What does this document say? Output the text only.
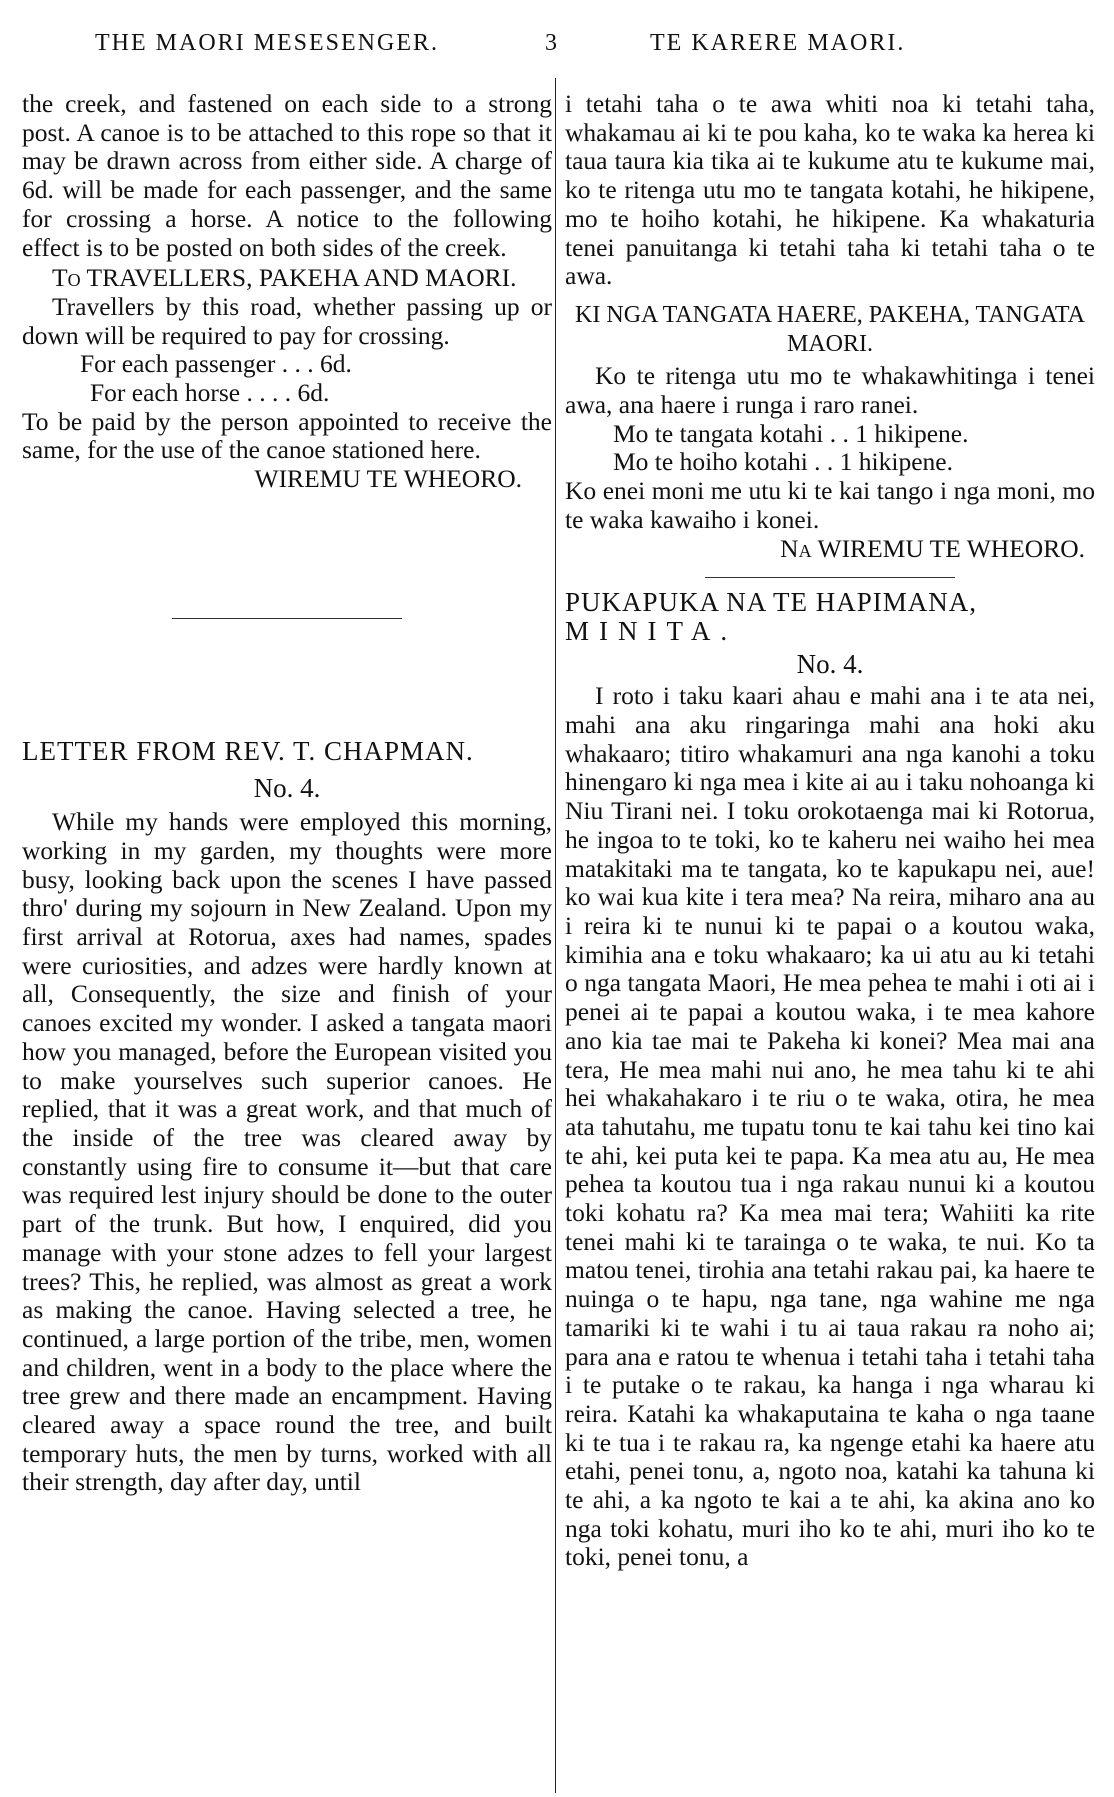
THE MAORI MESESENGER.	3	TE KARERE MAORI.

the creek, and fastened on each side to a strong post. A canoe is to be attached to this rope so that it may be drawn across from either side. A charge of 6d. will be made for each passenger, and the same for crossing a horse. A notice to the following effect is to be posted on both sides of the creek.

To TRAVELLERS, PAKEHA AND MAORI.

Travellers by this road, whether passing up or down will be required to pay for crossing.

For each passenger . . . 6d.

For each horse . . . . 6d.

To be paid by the person appointed to receive the same, for the use of the canoe stationed here.

WIREMU TE WHEORO.

LETTER FROM REV. T. CHAPMAN.

No. 4.

While my hands were employed this morning, working in my garden, my thoughts were more busy, looking back upon the scenes I have passed thro' during my sojourn in New Zealand. Upon my first arrival at Rotorua, axes had names, spades were curiosities, and adzes were hardly known at all, Consequently, the size and finish of your canoes excited my wonder. I asked a tangata maori how you managed, before the European visited you to make yourselves such superior canoes. He replied, that it was a great work, and that much of the inside of the tree was cleared away by constantly using fire to consume it—but that care was required lest injury should be done to the outer part of the trunk. But how, I enquired, did you manage with your stone adzes to fell your largest trees? This, he replied, was almost as great a work as making the canoe. Having selected a tree, he continued, a large portion of the tribe, men, women and children, went in a body to the place where the tree grew and there made an encampment. Having cleared away a space round the tree, and built temporary huts, the men by turns, worked with all their strength, day after day, until

i tetahi taha o te awa whiti noa ki tetahi taha, whakamau ai ki te pou kaha, ko te waka ka herea ki taua taura kia tika ai te kukume atu te kukume mai, ko te ritenga utu mo te tangata kotahi, he hikipene, mo te hoiho kotahi, he hikipene. Ka whakaturia tenei panuitanga ki tetahi taha ki tetahi taha o te awa.

KI NGA TANGATA HAERE, PAKEHA, TANGATA MAORI.

Ko te ritenga utu mo te whakawhitinga i tenei awa, ana haere i runga i raro ranei.

Mo te tangata kotahi . . 1 hikipene.

Mo te hoiho kotahi . . 1 hikipene.

Ko enei moni me utu ki te kai tango i nga moni, mo te waka kawaiho i konei.

Na WIREMU TE WHEORO.

PUKAPUKA NA TE HAPIMANA,

MINITA.

No. 4.

I roto i taku kaari ahau e mahi ana i te ata nei, mahi ana aku ringaringa mahi ana hoki aku whakaaro; titiro whakamuri ana nga kanohi a toku hinengaro ki nga mea i kite ai au i taku nohoanga ki Niu Tirani nei. I toku orokotaenga mai ki Rotorua, he ingoa to te toki, ko te kaheru nei waiho hei mea matakitaki ma te tangata, ko te kapukapu nei, aue! ko wai kua kite i tera mea? Na reira, miharo ana au i reira ki te nunui ki te papai o a koutou waka, kimihia ana e toku whakaaro; ka ui atu au ki tetahi o nga tangata Maori, He mea pehea te mahi i oti ai i penei ai te papai a koutou waka, i te mea kahore ano kia tae mai te Pakeha ki konei? Mea mai ana tera, He mea mahi nui ano, he mea tahu ki te ahi hei whakahakaro i te riu o te waka, otira, he mea ata tahutahu, me tupatu tonu te kai tahu kei tino kai te ahi, kei puta kei te papa. Ka mea atu au, He mea pehea ta koutou tua i nga rakau nunui ki a koutou toki kohatu ra? Ka mea mai tera; Wahiiti ka rite tenei mahi ki te tarainga o te waka, te nui. Ko ta matou tenei, tirohia ana tetahi rakau pai, ka haere te nuinga o te hapu, nga tane, nga wahine me nga tamariki ki te wahi i tu ai taua rakau ra noho ai; para ana e ratou te whenua i tetahi taha i tetahi taha i te putake o te rakau, ka hanga i nga wharau ki reira. Katahi ka whakaputaina te kaha o nga taane ki te tua i te rakau ra, ka ngenge etahi ka haere atu etahi, penei tonu, a, ngoto noa, katahi ka tahuna ki te ahi, a ka ngoto te kai a te ahi, ka akina ano ko nga toki kohatu, muri iho ko te ahi, muri iho ko te toki, penei tonu, a
